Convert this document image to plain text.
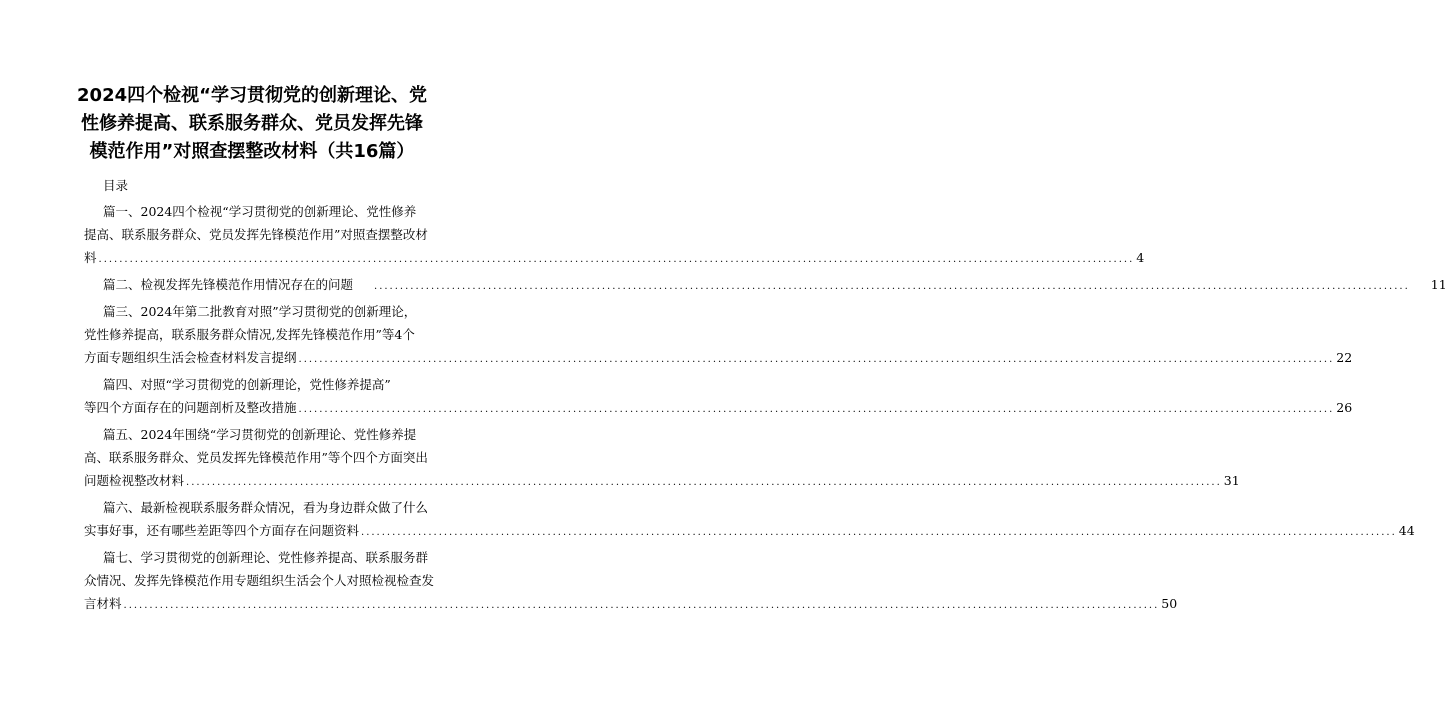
2024四个检视“学习贯彻党的创新理论、党
性修养提高、联系服务群众、党员发挥先锋
模范作用”对照查摆整改材料（共16篇）
目录
篇一、2024四个检视“学习贯彻党的创新理论、党性修养
提高、联系服务群众、党员发挥先锋模范作用”对照查摆整改材
料 ........................................................................................................................................................................................................ 4
篇二、检视发挥先锋模范作用情况存在的问题	........................................................................................................................................................................................................	11
篇三、2024年第二批教育对照”学习贯彻党的创新理论，
党性修养提高，联系服务群众情况,发挥先锋模范作用”等4个
方面专题组织生活会检查材料发言提纲 ........................................................................................................................................................................................................ 22
篇四、对照“学习贯彻党的创新理论，党性修养提高”
等四个方面存在的问题剖析及整改措施 ........................................................................................................................................................................................................ 26
篇五、2024年围绕“学习贯彻党的创新理论、党性修养提
高、联系服务群众、党员发挥先锋模范作用”等个四个方面突出
问题检视整改材料 ........................................................................................................................................................................................................ 31
篇六、最新检视联系服务群众情况，看为身边群众做了什么
实事好事，还有哪些差距等四个方面存在问题资料 ........................................................................................................................................................................................................ 44
篇七、学习贯彻党的创新理论、党性修养提高、联系服务群
众情况、发挥先锋模范作用专题组织生活会个人对照检视检查发
言材料 ........................................................................................................................................................................................................ 50
